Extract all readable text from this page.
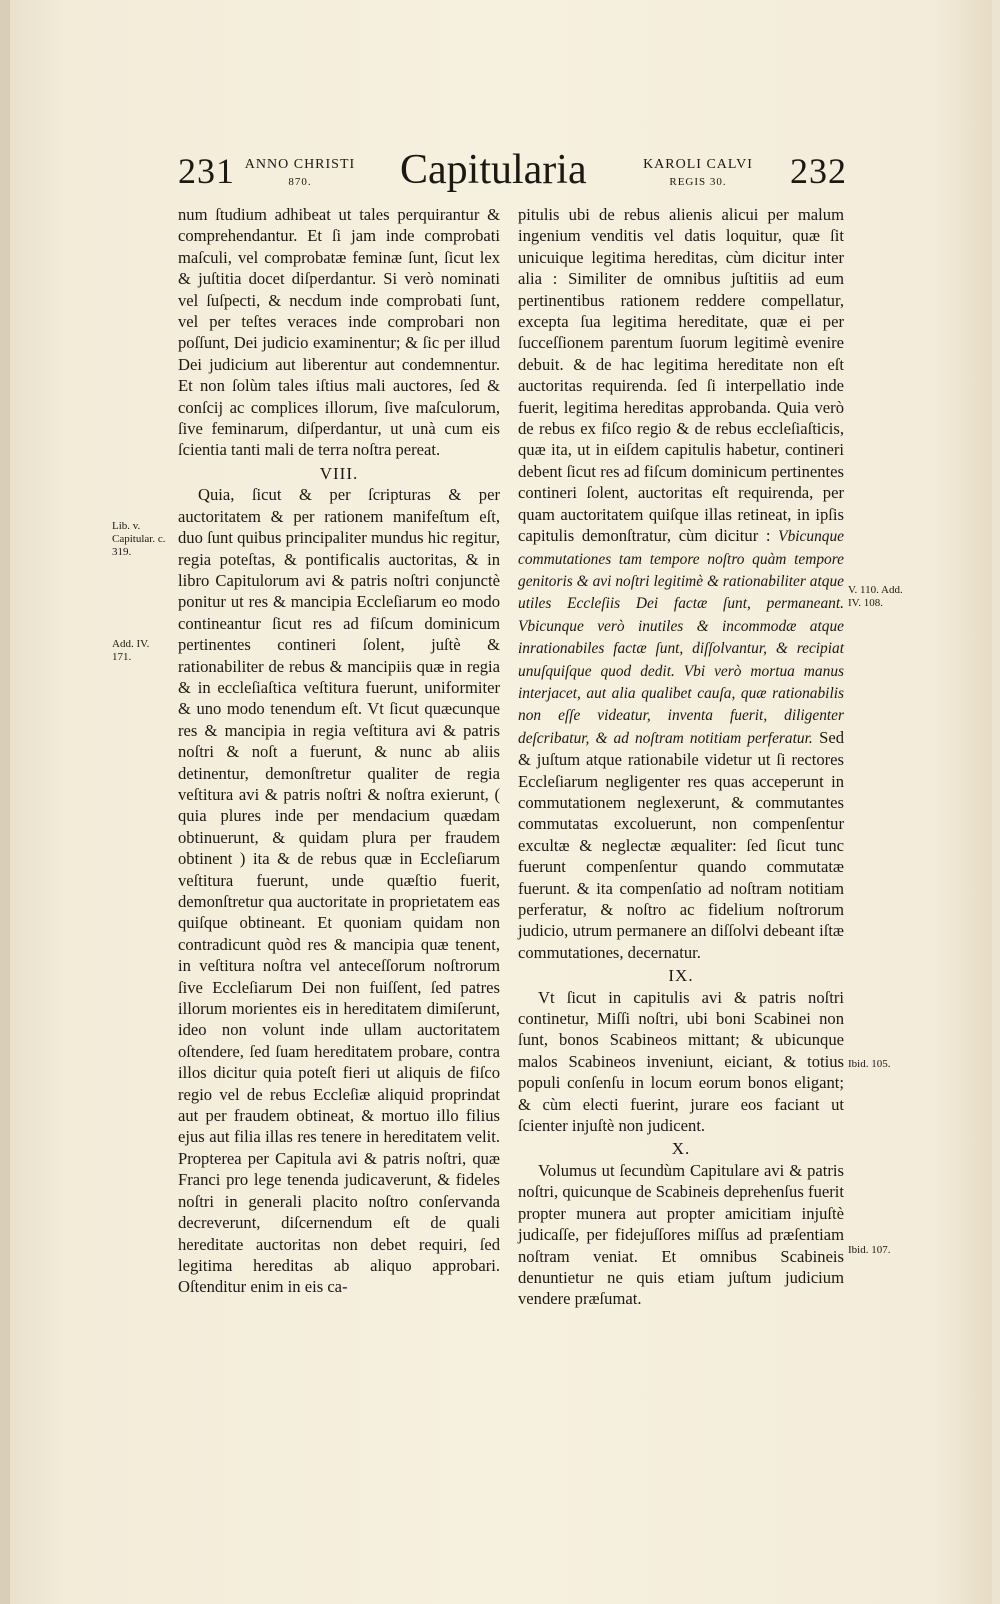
231 ANNO CHRISTI
870.	Capitularia	KAROLI CALVI
REGIS 30.	232

num ſtudium adhibeat ut tales perquirantur & comprehendantur. Et ſi jam inde comprobati maſculi, vel comprobatæ feminæ ſunt, ſicut lex & juſtitia docet diſperdantur. Si verò nominati vel ſuſpecti, & necdum inde comprobati ſunt, vel per teſtes veraces inde comprobari non poſſunt, Dei judicio examinentur; & ſic per illud Dei judicium aut liberentur aut condemnentur. Et non ſolùm tales iſtius mali auctores, ſed & conſcij ac complices illorum, ſive maſculorum, ſive feminarum, diſperdantur, ut unà cum eis ſcientia tanti mali de terra noſtra pereat.

VIII.

Quia, ſicut & per ſcripturas & per auctoritatem & per rationem manifeſtum eſt, duo ſunt quibus principaliter mundus hic regitur, regia poteſtas, & pontificalis auctoritas, & in libro Capitulorum avi & patris noſtri conjunctè ponitur ut res & mancipia Eccleſiarum eo modo contineantur ſicut res ad fiſcum dominicum pertinentes contineri ſolent, juſtè & rationabiliter de rebus & mancipiis quæ in regia & in eccleſiaſtica veſtitura fuerunt, uniformiter & uno modo tenendum eſt. Vt ſicut quæcunque res & mancipia in regia veſtitura avi & patris noſtri & noſt a fuerunt, & nunc ab aliis detinentur, demonſtretur qualiter de regia veſtitura avi & patris noſtri & noſtra exierunt, ( quia plures inde per mendacium quædam obtinuerunt, & quidam plura per fraudem obtinent ) ita & de rebus quæ in Eccleſiarum veſtitura fuerunt, unde quæſtio fuerit, demonſtretur qua auctoritate in proprietatem eas quiſque obtineant. Et quoniam quidam non contradicunt quòd res & mancipia quæ tenent, in veſtitura noſtra vel anteceſſorum noſtrorum ſive Eccleſiarum Dei non fuiſſent, ſed patres illorum morientes eis in hereditatem dimiſerunt, ideo non volunt inde ullam auctoritatem oſtendere, ſed ſuam hereditatem probare, contra illos dicitur quia poteſt fieri ut aliquis de fiſco regio vel de rebus Eccleſiæ aliquid proprindat aut per fraudem obtineat, & mortuo illo filius ejus aut filia illas res tenere in hereditatem velit. Propterea per Capitula avi & patris noſtri, quæ Franci pro lege tenenda judicaverunt, & fideles noſtri in generali placito noſtro conſervanda decreverunt, diſcernendum eſt de quali hereditate auctoritas non debet requiri, ſed legitima hereditas ab aliquo approbari. Oſtenditur enim in eis ca-

pitulis ubi de rebus alienis alicui per malum ingenium venditis vel datis loquitur, quæ ſit unicuique legitima hereditas, cùm dicitur inter alia : Similiter de omnibus juſtitiis ad eum pertinentibus rationem reddere compellatur, excepta ſua legitima hereditate, quæ ei per ſucceſſionem parentum ſuorum legitimè evenire debuit. & de hac legitima hereditate non eſt auctoritas requirenda. ſed ſi interpellatio inde fuerit, legitima hereditas approbanda. Quia verò de rebus ex fiſco regio & de rebus eccleſiaſticis, quæ ita, ut in eiſdem capitulis habetur, contineri debent ſicut res ad fiſcum dominicum pertinentes contineri ſolent, auctoritas eſt requirenda, per quam auctoritatem quiſque illas retineat, in ipſis capitulis demonſtratur, cùm dicitur : Vbicunque commutationes tam tempore noſtro quàm tempore genitoris & avi noſtri legitimè & rationabiliter atque utiles Eccleſiis Dei factæ ſunt, permaneant. Vbicunque verò inutiles & incommodæ atque inrationabiles factæ ſunt, diſſolvantur, & recipiat unuſquiſque quod dedit. Vbi verò mortua manus interjacet, aut alia qualibet cauſa, quæ rationabilis non eſſe videatur, inventa fuerit, diligenter deſcribatur, & ad noſtram notitiam perferatur. Sed & juſtum atque rationabile videtur ut ſi rectores Eccleſiarum negligenter res quas acceperunt in commutationem neglexerunt, & commutantes commutatas excoluerunt, non compenſentur excultæ & neglectæ æqualiter: ſed ſicut tunc fuerunt compenſentur quando commutatæ fuerunt. & ita compenſatio ad noſtram notitiam perferatur, & noſtro ac fidelium noſtrorum judicio, utrum permanere an diſſolvi debeant iſtæ commutationes, decernatur.

IX.

Vt ſicut in capitulis avi & patris noſtri continetur, Miſſi noſtri, ubi boni Scabinei non ſunt, bonos Scabineos mittant; & ubicunque malos Scabineos inveniunt, eiciant, & totius populi conſenſu in locum eorum bonos eligant; & cùm electi fuerint, jurare eos faciant ut ſcienter injuſtè non judicent.

X.

Volumus ut ſecundùm Capitulare avi & patris noſtri, quicunque de Scabineis deprehenſus fuerit propter munera aut propter amicitiam injuſtè judicaſſe, per fidejuſſores miſſus ad præſentiam noſtram veniat. Et omnibus Scabineis denuntietur ne quis etiam juſtum judicium vendere præſumat.

Lib. v. Capitular. c. 319.
Add. IV. 171.
V. 110. Add. IV. 108.
Ibid. 105.
Ibid. 107.
